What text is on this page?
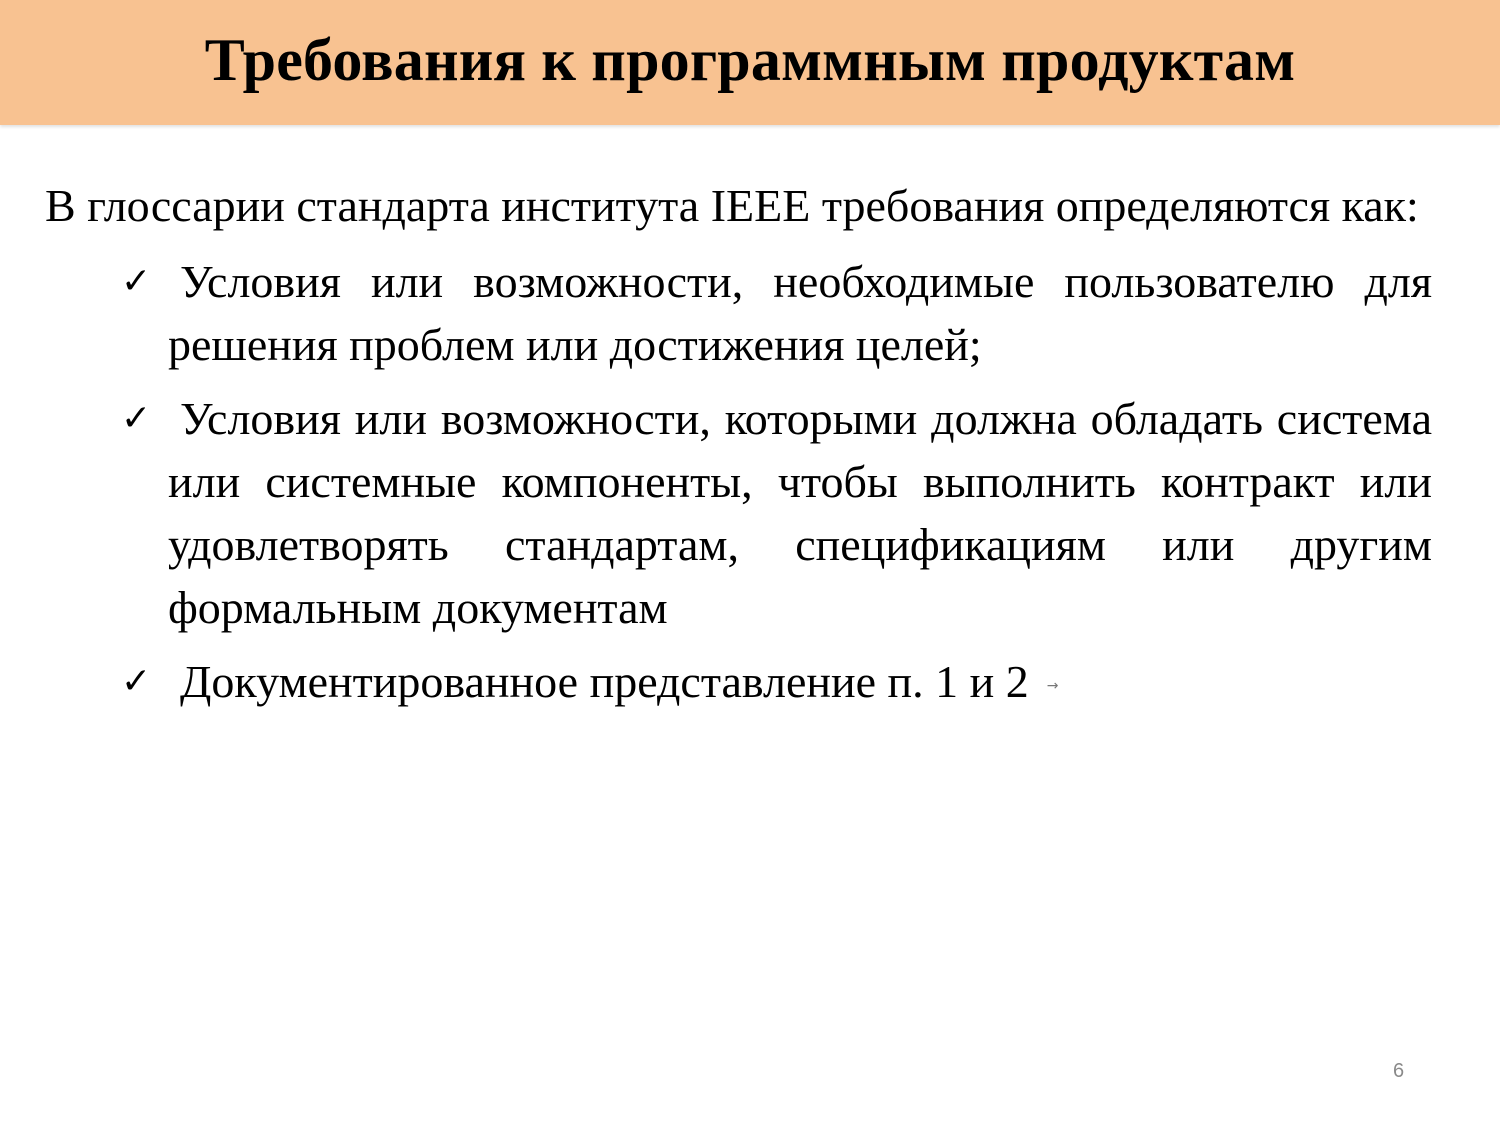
Требования к программным продуктам

В глоссарии стандарта института IEEE требования определяются как:

✓ Условия или возможности, необходимые пользователю для решения проблем или достижения целей;
✓ Условия или возможности, которыми должна обладать система или системные компоненты, чтобы выполнить контракт или удовлетворять стандартам, спецификациям или другим формальным документам
✓ Документированное представление п. 1 и 2 →
6
